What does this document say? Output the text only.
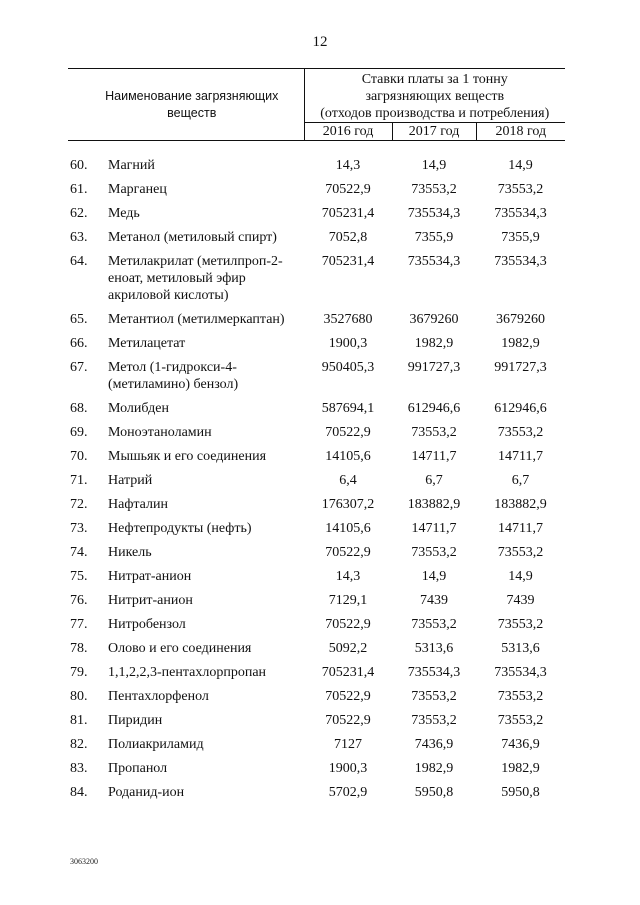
12
Наименование загрязняющих веществ		Ставки платы за 1 тонну
загрязняющих веществ
(отходов производства и потребления)		

		2016 год	2017 год	2018 год

60.	Магний	14,3	14,9	14,9
61.	Марганец	70522,9	73553,2	73553,2
62.	Медь	705231,4	735534,3	735534,3
63.	Метанол (метиловый спирт)	7052,8	7355,9	7355,9
64.	Метилакрилат (метилпроп-2-еноат, метиловый эфир акриловой кислоты)	705231,4	735534,3	735534,3
65.	Метантиол (метилмеркаптан)	3527680	3679260	3679260
66.	Метилацетат	1900,3	1982,9	1982,9
67.	Метол (1-гидрокси-4-(метиламино) бензол)	950405,3	991727,3	991727,3
68.	Молибден	587694,1	612946,6	612946,6
69.	Моноэтаноламин	70522,9	73553,2	73553,2
70.	Мышьяк и его соединения	14105,6	14711,7	14711,7
71.	Натрий	6,4	6,7	6,7
72.	Нафталин	176307,2	183882,9	183882,9
73.	Нефтепродукты (нефть)	14105,6	14711,7	14711,7
74.	Никель	70522,9	73553,2	73553,2
75.	Нитрат-анион	14,3	14,9	14,9
76.	Нитрит-анион	7129,1	7439	7439
77.	Нитробензол	70522,9	73553,2	73553,2
78.	Олово и его соединения	5092,2	5313,6	5313,6
79.	1,1,2,2,3-пентахлорпропан	705231,4	735534,3	735534,3
80.	Пентахлорфенол	70522,9	73553,2	73553,2
81.	Пиридин	70522,9	73553,2	73553,2
82.	Полиакриламид	7127	7436,9	7436,9
83.	Пропанол	1900,3	1982,9	1982,9
84.	Роданид-ион	5702,9	5950,8	5950,8
3063200
